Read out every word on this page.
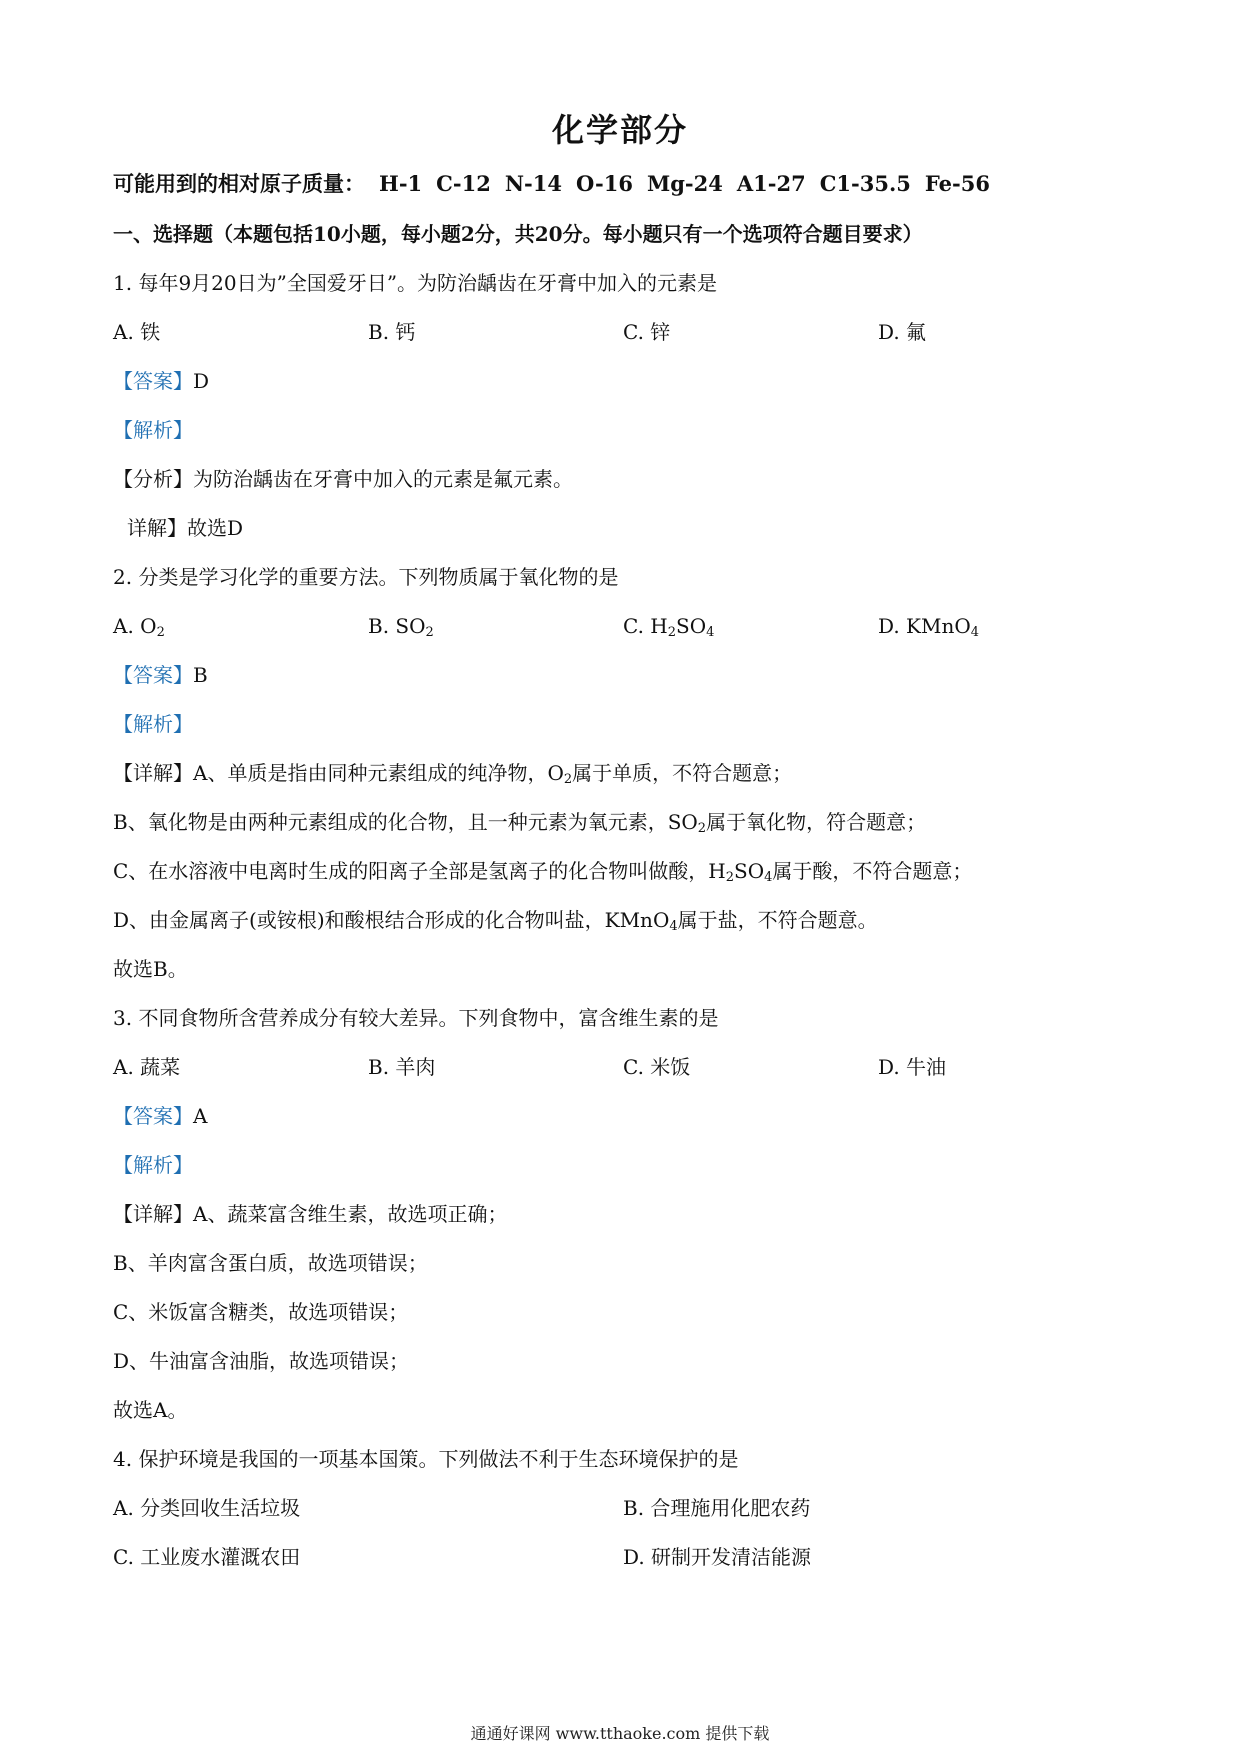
化学部分
可能用到的相对原子质量： H-1 C-12 N-14 O-16 Mg-24 A1-27 C1-35.5 Fe-56
一、选择题（本题包括10小题，每小题2分，共20分。每小题只有一个选项符合题目要求）
1. 每年9月20日为”全国爱牙日”。为防治龋齿在牙膏中加入的元素是
A. 铁	B. 钙	C. 锌	D. 氟
【答案】D
【解析】
【分析】为防治龋齿在牙膏中加入的元素是氟元素。
详解】故选D
2. 分类是学习化学的重要方法。下列物质属于氧化物的是
A. $O_2$	B. $SO_2$	C. $H_2SO_4$	D. KMnO$_4$
【答案】B
【解析】
【详解】A、单质是指由同种元素组成的纯净物，$O_2$属于单质，不符合题意；
B、氧化物是由两种元素组成的化合物，且一种元素为氧元素，$SO_2$属于氧化物，符合题意；
C、在水溶液中电离时生成的阳离子全部是氢离子的化合物叫做酸，$H_2SO_4$属于酸，不符合题意；
D、由金属离子(或铵根)和酸根结合形成的化合物叫盐，KMnO$_4$属于盐，不符合题意。
故选B。
3. 不同食物所含营养成分有较大差异。下列食物中，富含维生素的是
A. 蔬菜	B. 羊肉	C. 米饭	D. 牛油
【答案】A
【解析】
【详解】A、蔬菜富含维生素，故选项正确；
B、羊肉富含蛋白质，故选项错误；
C、米饭富含糖类，故选项错误；
D、牛油富含油脂，故选项错误；
故选A。
4. 保护环境是我国的一项基本国策。下列做法不利于生态环境保护的是
A. 分类回收生活垃圾	B. 合理施用化肥农药
C. 工业废水灌溉农田	D. 研制开发清洁能源
通通好课网 www.tthaoke.com 提供下载
